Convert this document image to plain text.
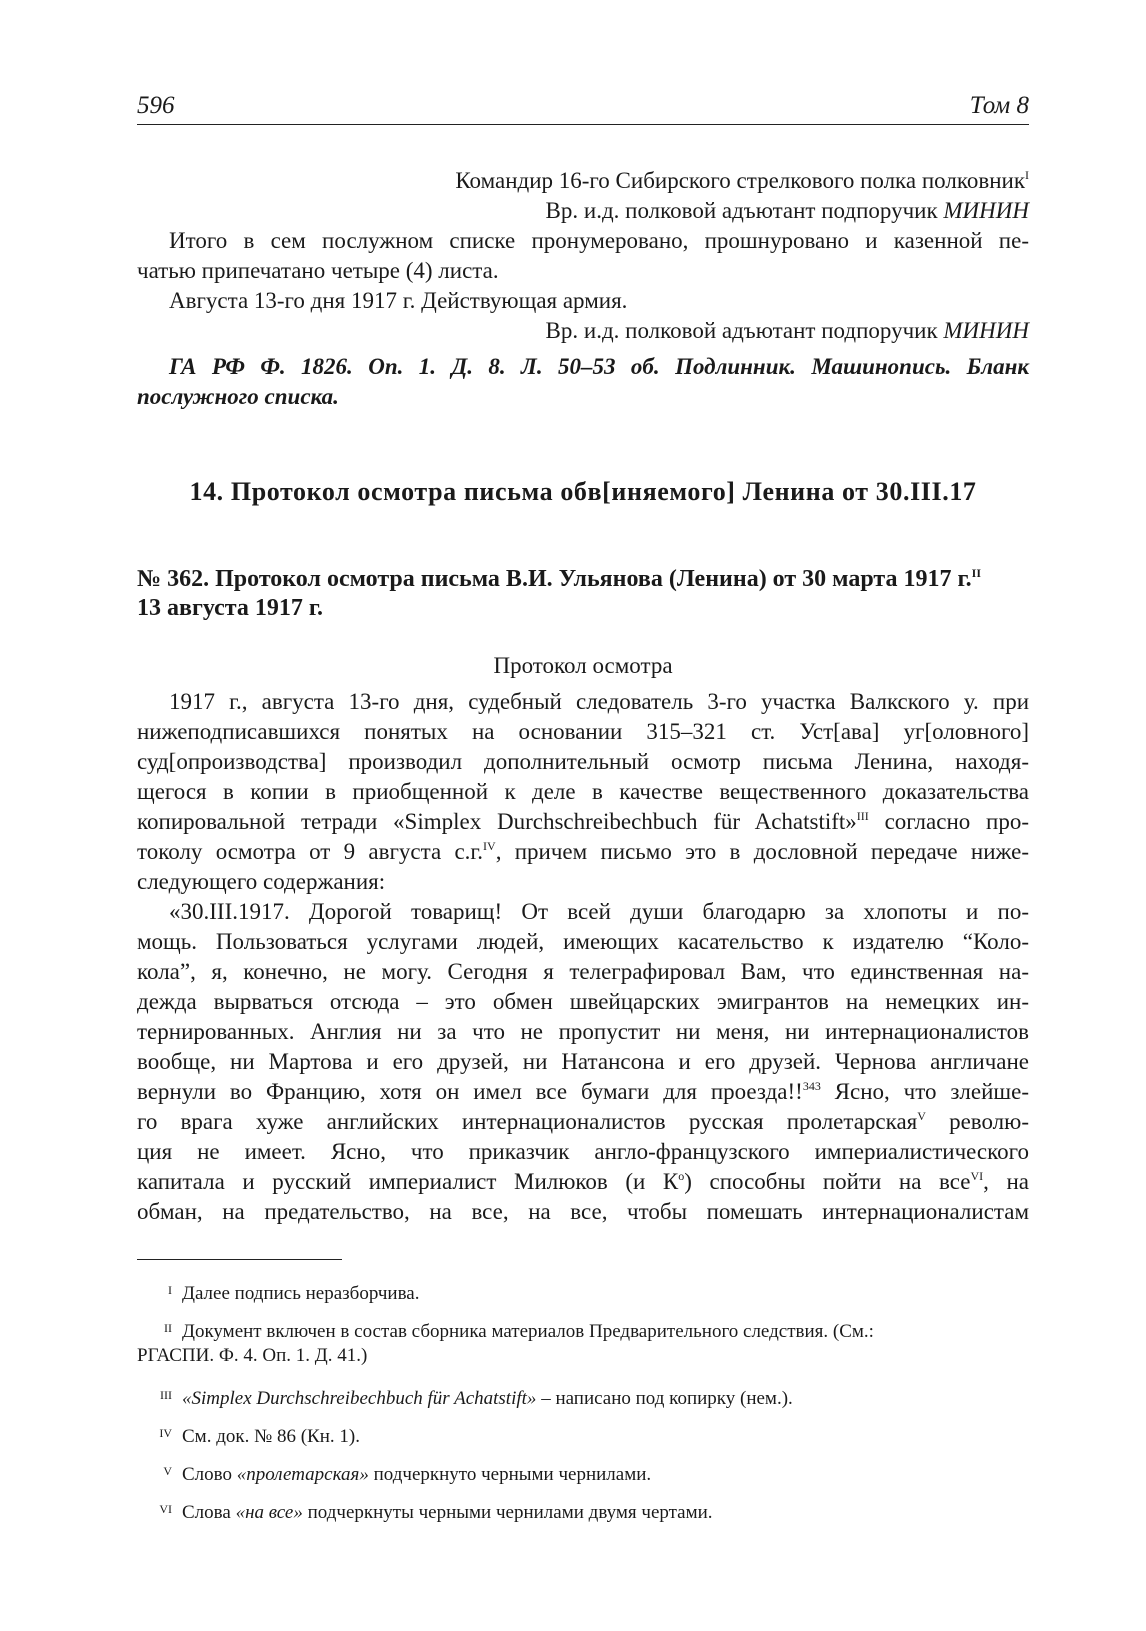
596	Том 8
Командир 16-го Сибирского стрелкового полка полковник$^I$
Вр. и.д. полковой адъютант подпоручик МИНИН
Итого в сем послужном списке пронумеровано, прошнуровано и казенной пе-
чатью припечатано четыре (4) листа.
Августа 13-го дня 1917 г. Действующая армия.
Вр. и.д. полковой адъютант подпоручик МИНИН
ГА РФ Ф. 1826. Оп. 1. Д. 8. Л. 50–53 об. Подлинник. Машинопись. Бланк
послужного списка.
14. Протокол осмотра письма обв[иняемого] Ленина от 30.III.17
№ 362. Протокол осмотра письма В.И. Ульянова (Ленина) от 30 марта 1917 г.$^{II}$
13 августа 1917 г.
Протокол осмотра
1917 г., августа 13-го дня, судебный следователь 3-го участка Валкского у. при
нижеподписавшихся понятых на основании 315–321 ст. Уст[ава] уг[оловного]
суд[опроизводства] производил дополнительный осмотр письма Ленина, находя-
щегося в копии в приобщенной к деле в качестве вещественного доказательства
копировальной тетради «Simplex Durchschreibechbuch für Achatstift»$^{III}$ согласно про-
токолу осмотра от 9 августа с.г.$^{IV}$, причем письмо это в дословной передаче ниже-
следующего содержания:
«30.III.1917. Дорогой товарищ! От всей души благодарю за хлопоты и по-
мощь. Пользоваться услугами людей, имеющих касательство к издателю “Коло-
кола”, я, конечно, не могу. Сегодня я телеграфировал Вам, что единственная на-
дежда вырваться отсюда – это обмен швейцарских эмигрантов на немецких ин-
тернированных. Англия ни за что не пропустит ни меня, ни интернационалистов
вообще, ни Мартова и его друзей, ни Натансона и его друзей. Чернова англичане
вернули во Францию, хотя он имел все бумаги для проезда!!$^{343}$ Ясно, что злейше-
го врага хуже английских интернационалистов русская пролетарская$^V$ револю-
ция не имеет. Ясно, что приказчик англо-французского империалистического
капитала и русский империалист Милюков (и $К^о$) способны пойти на все$^{VI}$, на
обман, на предательство, на все, на все, чтобы помешать интернационалистам
I Далее подпись неразборчива.
II Документ включен в состав сборника материалов Предварительного следствия. (См.:
РГАСПИ. Ф. 4. Оп. 1. Д. 41.)
III «Simplex Durchschreibechbuch für Achatstift» – написано под копирку (нем.).
IV См. док. № 86 (Кн. 1).
V Слово «пролетарская» подчеркнуто черными чернилами.
VI Слова «на все» подчеркнуты черными чернилами двумя чертами.
